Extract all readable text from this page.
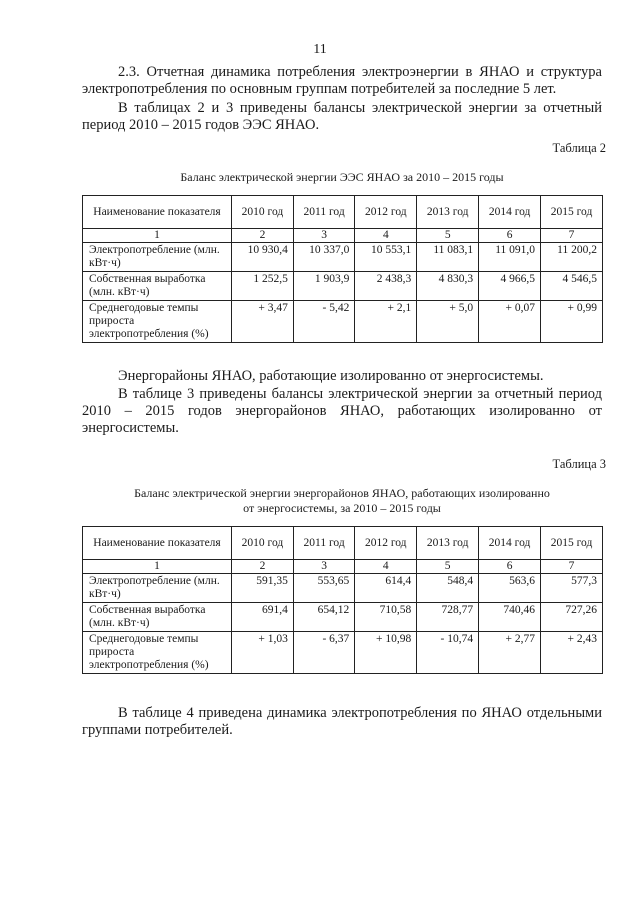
11

2.3. Отчетная динамика потребления электроэнергии в ЯНАО и структура электропотребления по основным группам потребителей за последние 5 лет.

В таблицах 2 и 3 приведены балансы электрической энергии за отчетный период 2010 – 2015 годов ЭЭС ЯНАО.

Таблица 2
Баланс электрической энергии ЭЭС ЯНАО за 2010 – 2015 годы
Наименование показателя	2010 год	2011 год	2012 год	2013 год	2014 год	2015 год
1	2	3	4	5	6	7
Электропотребление (млн. кВт·ч)	10 930,4	10 337,0	10 553,1	11 083,1	11 091,0	11 200,2
Собственная выработка (млн. кВт·ч)	1 252,5	1 903,9	2 438,3	4 830,3	4 966,5	4 546,5
Среднегодовые темпы прироста электропотребления (%)	+ 3,47	- 5,42	+ 2,1	+ 5,0	+ 0,07	+ 0,99

Энергорайоны ЯНАО, работающие изолированно от энергосистемы.

В таблице 3 приведены балансы электрической энергии за отчетный период 2010 – 2015 годов энергорайонов ЯНАО, работающих изолированно от энергосистемы.

Таблица 3
Баланс электрической энергии энергорайонов ЯНАО, работающих изолированно
от энергосистемы, за 2010 – 2015 годы
Наименование показателя	2010 год	2011 год	2012 год	2013 год	2014 год	2015 год
1	2	3	4	5	6	7
Электропотребление (млн. кВт·ч)	591,35	553,65	614,4	548,4	563,6	577,3
Собственная выработка (млн. кВт·ч)	691,4	654,12	710,58	728,77	740,46	727,26
Среднегодовые темпы прироста электропотребления (%)	+ 1,03	- 6,37	+ 10,98	- 10,74	+ 2,77	+ 2,43

В таблице 4 приведена динамика электропотребления по ЯНАО отдельными группами потребителей.
